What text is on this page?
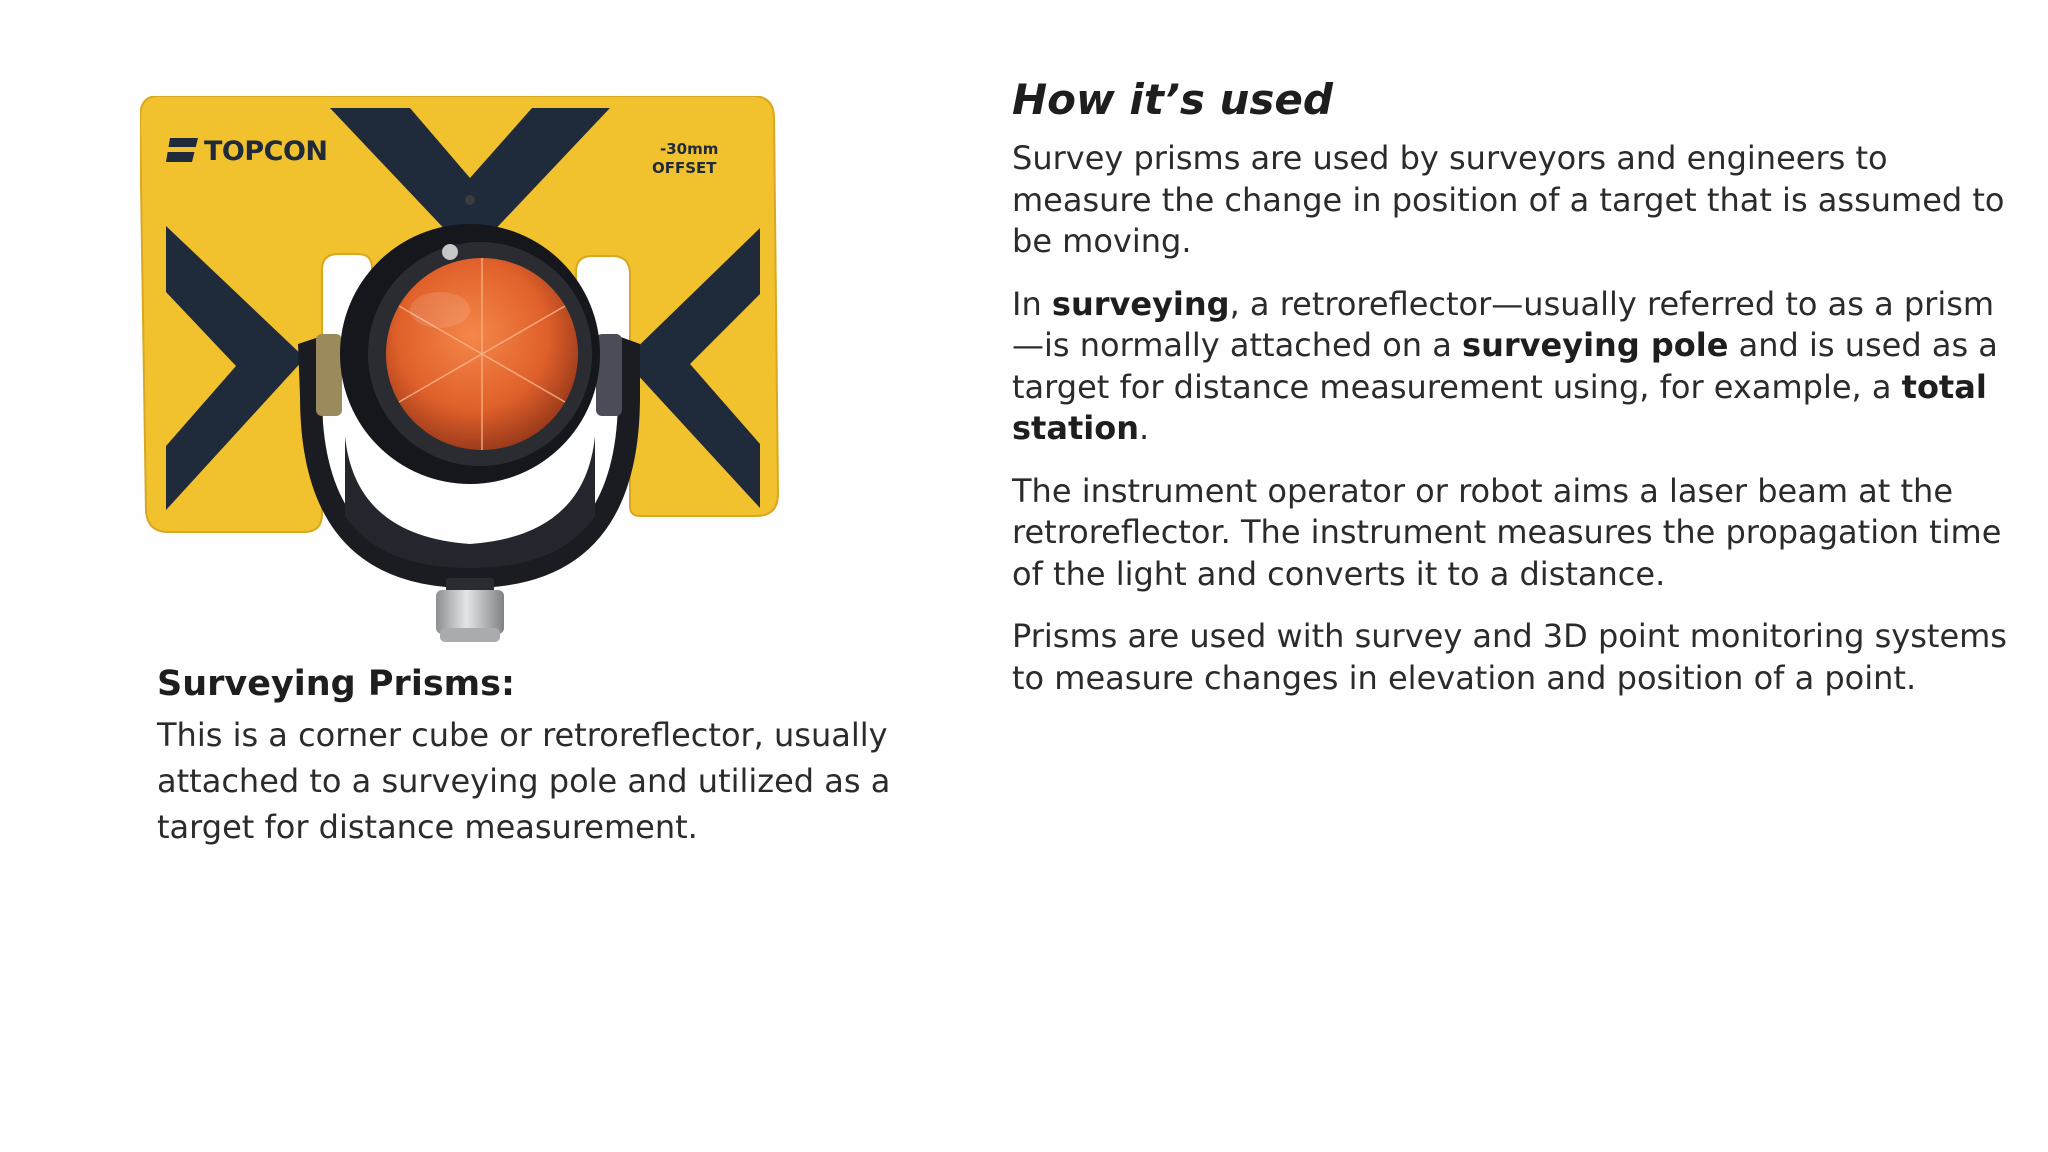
TOPCON	-30mm
OFFSET

Surveying Prisms:

This is a corner cube or retroreflector, usually attached to a surveying pole and utilized as a target for distance measurement.

How it’s used

Survey prisms are used by surveyors and engineers to measure the change in position of a target that is assumed to be moving.

In surveying, a retroreflector—usually referred to as a prism—is normally attached on a surveying pole and is used as a target for distance measurement using, for example, a total station.

The instrument operator or robot aims a laser beam at the retroreflector. The instrument measures the propagation time of the light and converts it to a distance.

Prisms are used with survey and 3D point monitoring systems to measure changes in elevation and position of a point.
